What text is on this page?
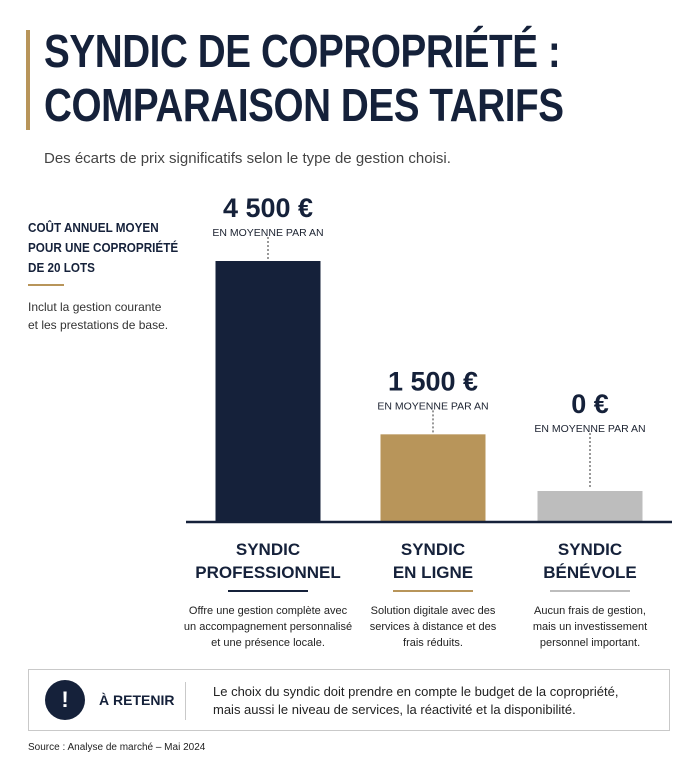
SYNDIC DE COPROPRIÉTÉ :
COMPARAISON DES TARIFS
Des écarts de prix significatifs selon le type de gestion choisi.
COÛT ANNUEL MOYEN
POUR UNE COPROPRIÉTÉ
DE 20 LOTS
Inclut la gestion courante
et les prestations de base.
4 500 €
EN MOYENNE PAR AN
1 500 €
EN MOYENNE PAR AN	0 €
EN MOYENNE PAR AN
SYNDIC
PROFESSIONNEL
Offre une gestion complète avec
un accompagnement personnalisé
et une présence locale.
SYNDIC
EN LIGNE
Solution digitale avec des
services à distance et des
frais réduits.
SYNDIC
BÉNÉVOLE
Aucun frais de gestion,
mais un investissement
personnel important.
!	À RETENIR
Le choix du syndic doit prendre en compte le budget de la copropriété,
mais aussi le niveau de services, la réactivité et la disponibilité.
Source : Analyse de marché – Mai 2024
